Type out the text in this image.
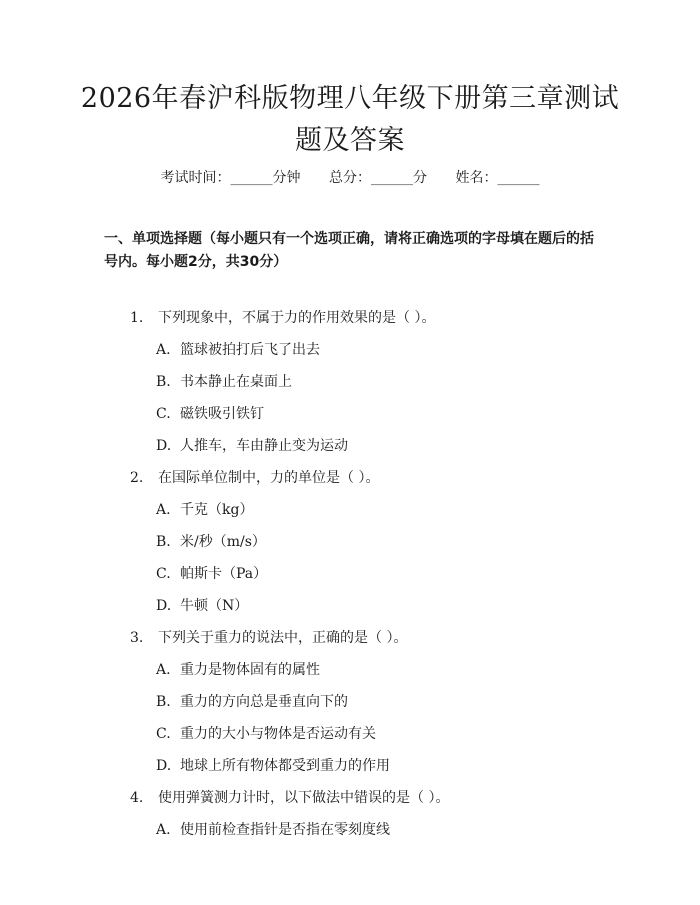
2026年春沪科版物理八年级下册第三章测试
题及答案
考试时间：______分钟 总分：______分 姓名：______
一、单项选择题（每小题只有一个选项正确，请将正确选项的字母填在题后的括号内。每小题2分，共30分）
1. 下列现象中，不属于力的作用效果的是（ ）。
A. 篮球被拍打后飞了出去
B. 书本静止在桌面上
C. 磁铁吸引铁钉
D. 人推车，车由静止变为运动
2. 在国际单位制中，力的单位是（ ）。
A. 千克（kg）
B. 米/秒（m/s）
C. 帕斯卡（Pa）
D. 牛顿（N）
3. 下列关于重力的说法中，正确的是（ ）。
A. 重力是物体固有的属性
B. 重力的方向总是垂直向下的
C. 重力的大小与物体是否运动有关
D. 地球上所有物体都受到重力的作用
4. 使用弹簧测力计时，以下做法中错误的是（ ）。
A. 使用前检查指针是否指在零刻度线
